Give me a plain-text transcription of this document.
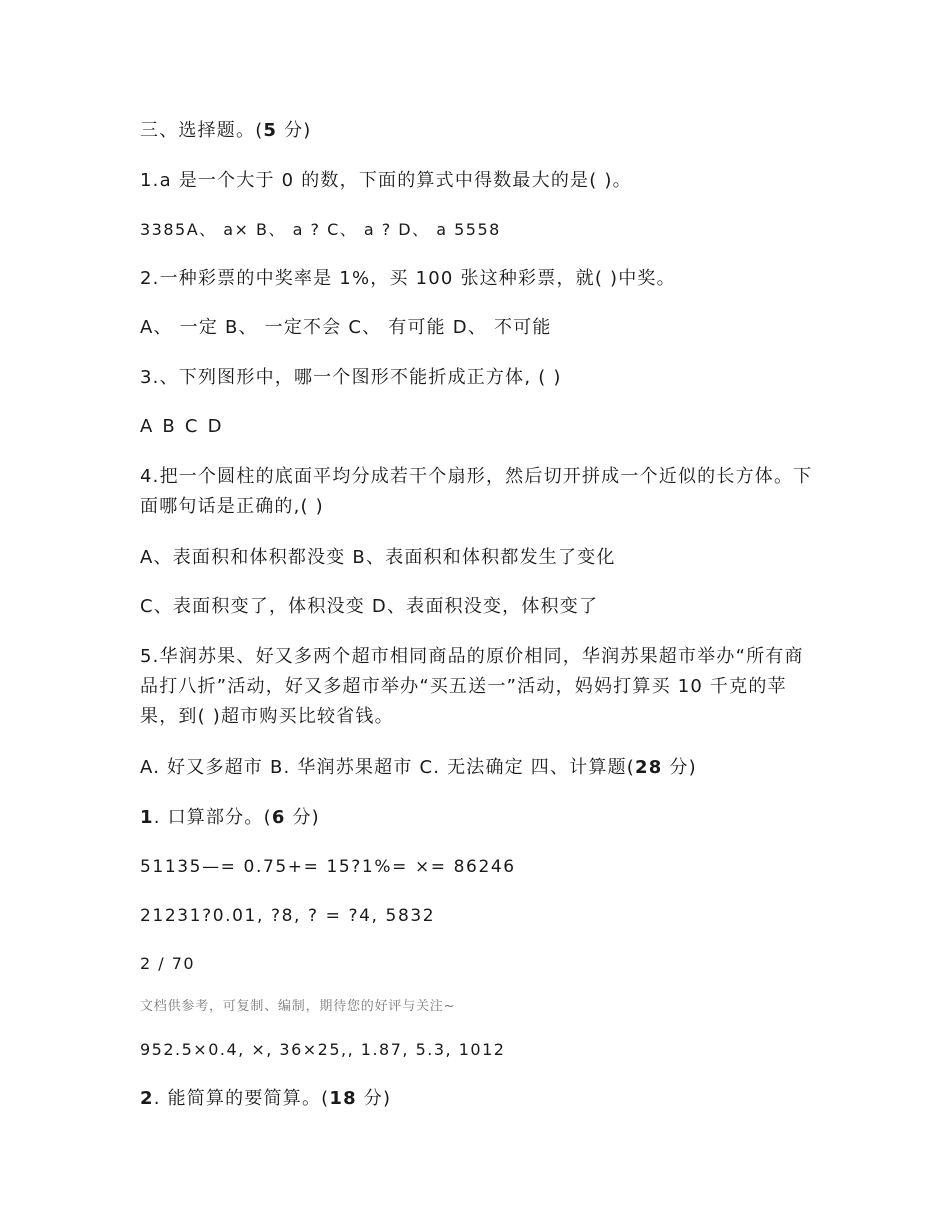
三、选择题。(5 分)

1.a 是一个大于 0 的数，下面的算式中得数最大的是( )。

3385A、 a× B、 a ? C、 a ? D、 a 5558

2.一种彩票的中奖率是 1%，买 100 张这种彩票，就( )中奖。

A、 一定 B、 一定不会 C、 有可能 D、 不可能

3.、下列图形中，哪一个图形不能折成正方体, ( )

A B C D

4.把一个圆柱的底面平均分成若干个扇形，然后切开拼成一个近似的长方体。下面哪句话是正确的,( )

A、表面积和体积都没变 B、表面积和体积都发生了变化

C、表面积变了，体积没变 D、表面积没变，体积变了

5.华润苏果、好又多两个超市相同商品的原价相同，华润苏果超市举办“所有商品打八折”活动，好又多超市举办“买五送一”活动，妈妈打算买 10 千克的苹果，到( )超市购买比较省钱。

A. 好又多超市 B. 华润苏果超市 C. 无法确定 四、计算题(28 分)

1. 口算部分。(6 分)

51135—= 0.75+= 15?1%= ×= 86246

21231?0.01, ?8, ? = ?4, 5832

2 / 70

文档供参考，可复制、编制，期待您的好评与关注~

952.5×0.4, ×, 36×25,, 1.87, 5.3, 1012

2. 能简算的要简算。(18 分)
